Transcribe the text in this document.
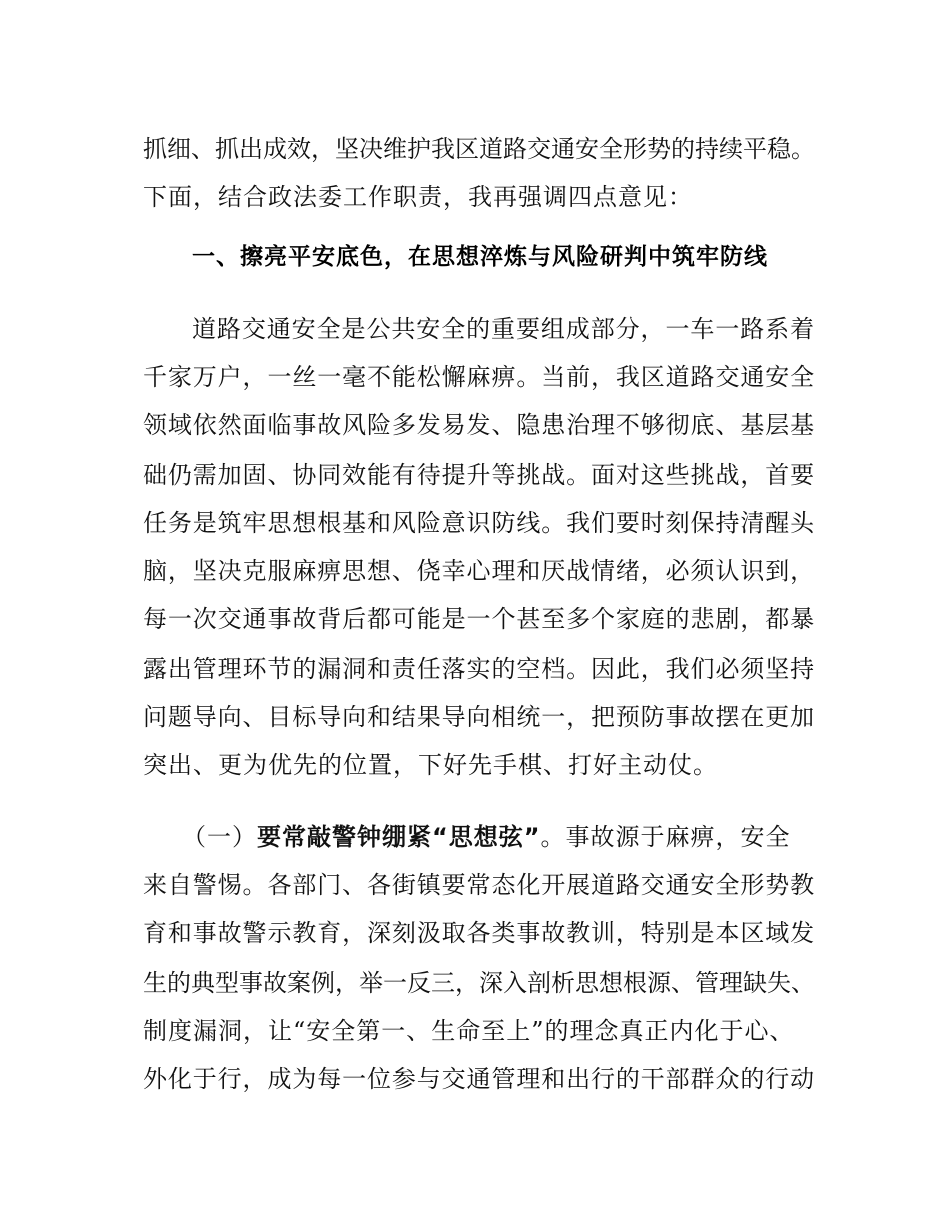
抓细、抓出成效，坚决维护我区道路交通安全形势的持续平稳。
下面，结合政法委工作职责，我再强调四点意见：
一、擦亮平安底色，在思想淬炼与风险研判中筑牢防线
道路交通安全是公共安全的重要组成部分，一车一路系着
千家万户，一丝一毫不能松懈麻痹。当前，我区道路交通安全
领域依然面临事故风险多发易发、隐患治理不够彻底、基层基
础仍需加固、协同效能有待提升等挑战。面对这些挑战，首要
任务是筑牢思想根基和风险意识防线。我们要时刻保持清醒头
脑，坚决克服麻痹思想、侥幸心理和厌战情绪，必须认识到，
每一次交通事故背后都可能是一个甚至多个家庭的悲剧，都暴
露出管理环节的漏洞和责任落实的空档。因此，我们必须坚持
问题导向、目标导向和结果导向相统一，把预防事故摆在更加
突出、更为优先的位置，下好先手棋、打好主动仗。
（一）要常敲警钟绷紧“思想弦”。事故源于麻痹，安全
来自警惕。各部门、各街镇要常态化开展道路交通安全形势教
育和事故警示教育，深刻汲取各类事故教训，特别是本区域发
生的典型事故案例，举一反三，深入剖析思想根源、管理缺失、
制度漏洞，让“安全第一、生命至上”的理念真正内化于心、
外化于行，成为每一位参与交通管理和出行的干部群众的行动
